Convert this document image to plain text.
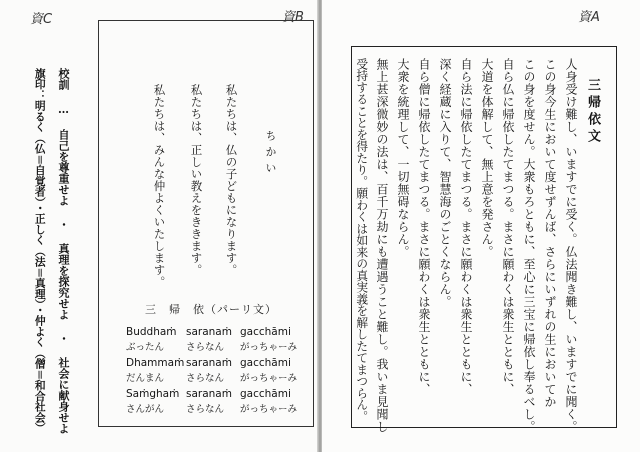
資C	資B
校訓 … 自己を尊重せよ ・ 真理を探究せよ ・ 社会に献身せよ
旗印：明るく（仏＝自覚者）・正しく（法＝真理）・仲よく（僧＝和合社会）	ちかい
私たちは、仏の子どもになります。
私たちは、正しい教えをききます。
私たちは、みんな仲よくいたします。
三　帰　依（パーリ文）
Buddhaṁ saranaṁ gacchāmi
ぶったん さらなん がっちゃーみ
Dhammaṁ saranaṁ gacchāmi
だんまん さらなん がっちゃーみ
Saṁghaṁ saranaṁ gacchāmi
さんがん さらなん がっちゃーみ
資A
三帰依文
人身受け難し、いますでに受く。仏法聞き難し、いますでに聞く。
この身今生において度せずんば、さらにいずれの生においてか
この身を度せん。大衆もろともに、至心に三宝に帰依し奉るべし。
自ら仏に帰依したてまつる。まさに願わくは衆生とともに、
大道を体解して、無上意を発さん。
自ら法に帰依したてまつる。まさに願わくは衆生とともに、
深く経蔵に入りて、智慧海のごとくならん。
自ら僧に帰依したてまつる。まさに願わくは衆生とともに、
大衆を統理して、一切無碍ならん。
無上甚深微妙の法は、百千万劫にも遭遇うこと難し。我いま見聞し
受持することを得たり。願わくは如来の真実義を解したてまつらん。
